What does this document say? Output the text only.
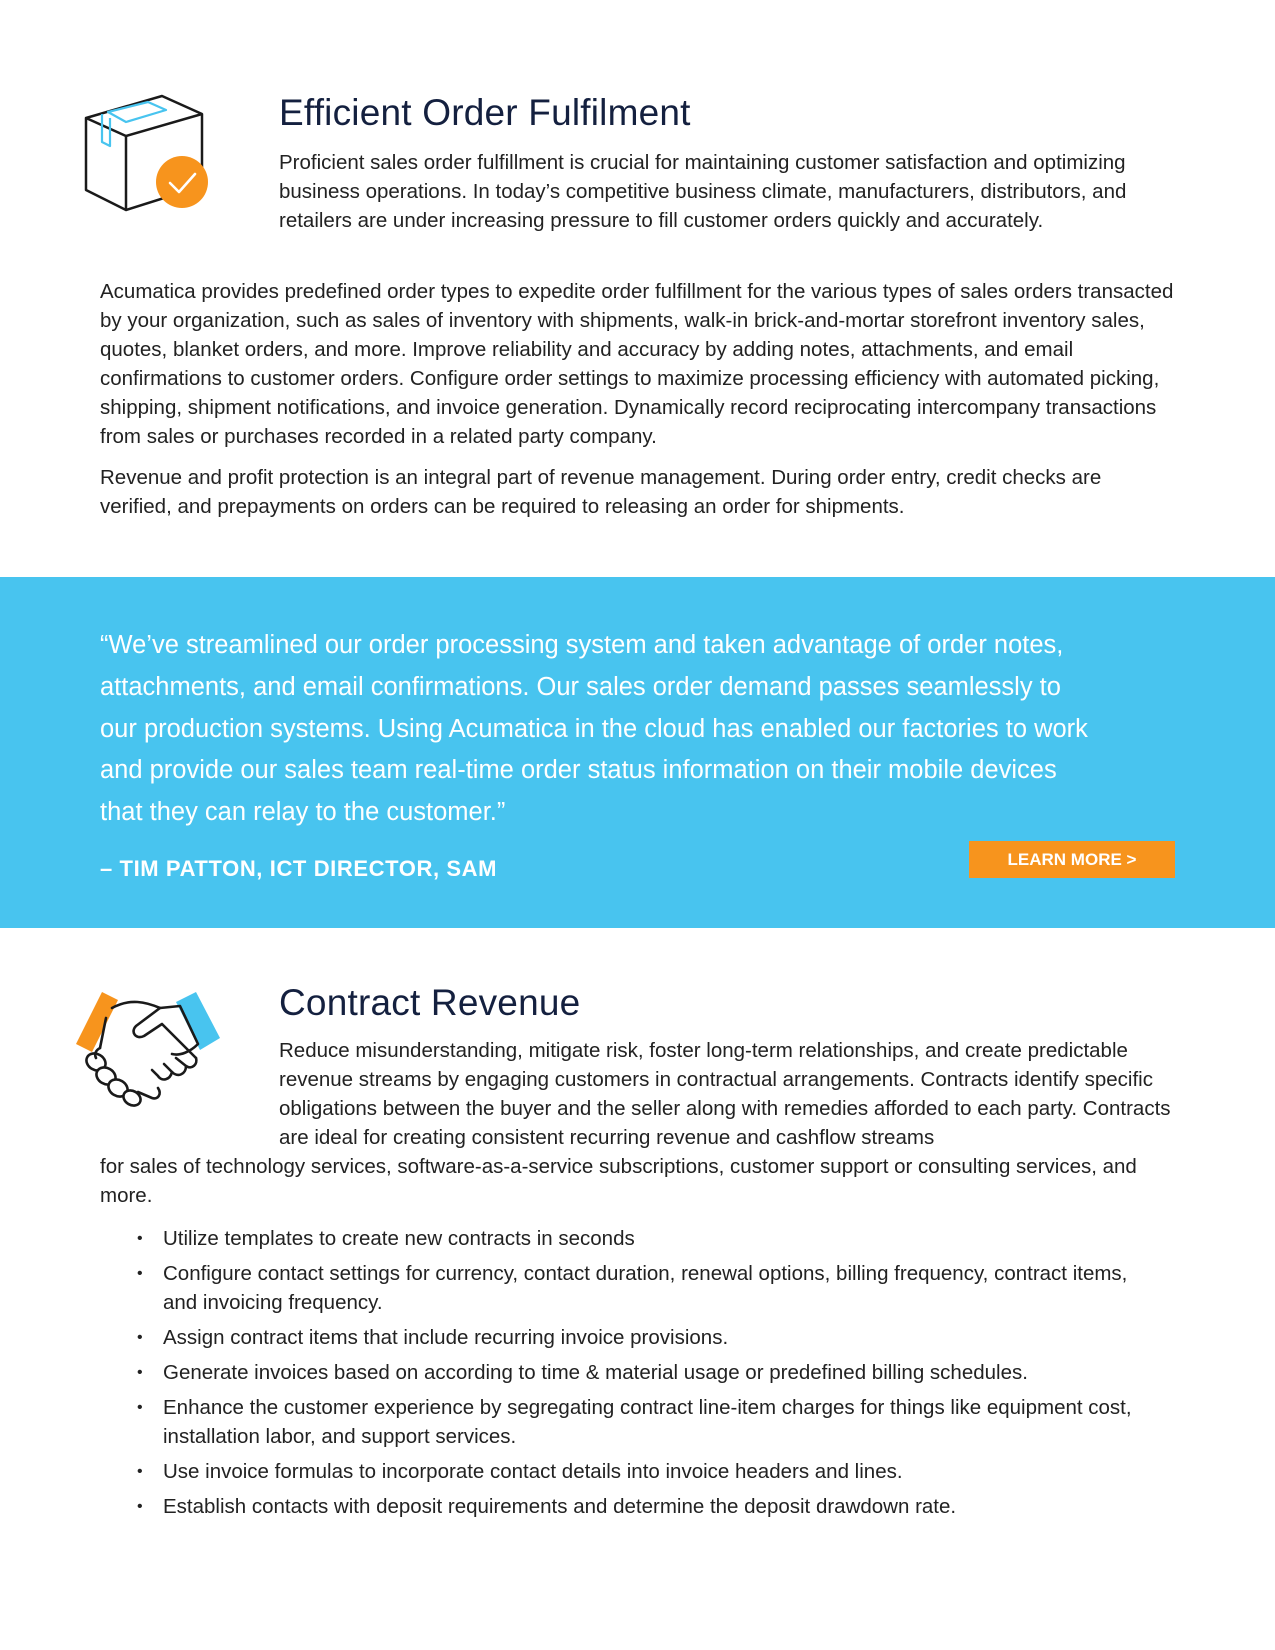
Efficient Order Fulfilment

Proficient sales order fulfillment is crucial for maintaining customer satisfaction and optimizing business operations. In today’s competitive business climate, manufacturers, distributors, and retailers are under increasing pressure to fill customer orders quickly and accurately.

Acumatica provides predefined order types to expedite order fulfillment for the various types of sales orders transacted by your organization, such as sales of inventory with shipments, walk-in brick-and-mortar storefront inventory sales, quotes, blanket orders, and more. Improve reliability and accuracy by adding notes, attachments, and email confirmations to customer orders. Configure order settings to maximize processing efficiency with automated picking, shipping, shipment notifications, and invoice generation. Dynamically record reciprocating intercompany transactions from sales or purchases recorded in a related party company.

Revenue and profit protection is an integral part of revenue management. During order entry, credit checks are verified, and prepayments on orders can be required to releasing an order for shipments.

“We’ve streamlined our order processing system and taken advantage of order notes, attachments, and email confirmations. Our sales order demand passes seamlessly to our production systems. Using Acumatica in the cloud has enabled our factories to work and provide our sales team real-time order status information on their mobile devices that they can relay to the customer.”

– TIM PATTON, ICT DIRECTOR, SAM	LEARN MORE >
Contract Revenue

Reduce misunderstanding, mitigate risk, foster long-term relationships, and create predictable revenue streams by engaging customers in contractual arrangements. Contracts identify specific obligations between the buyer and the seller along with remedies afforded to each party. Contracts are ideal for creating consistent recurring revenue and cashflow streams
for sales of technology services, software-as-a-service subscriptions, customer support or consulting services, and more.

• Utilize templates to create new contracts in seconds
• Configure contact settings for currency, contact duration, renewal options, billing frequency, contract items, and invoicing frequency.
• Assign contract items that include recurring invoice provisions.
• Generate invoices based on according to time & material usage or predefined billing schedules.
• Enhance the customer experience by segregating contract line-item charges for things like equipment cost, installation labor, and support services.
• Use invoice formulas to incorporate contact details into invoice headers and lines.
• Establish contacts with deposit requirements and determine the deposit drawdown rate.
